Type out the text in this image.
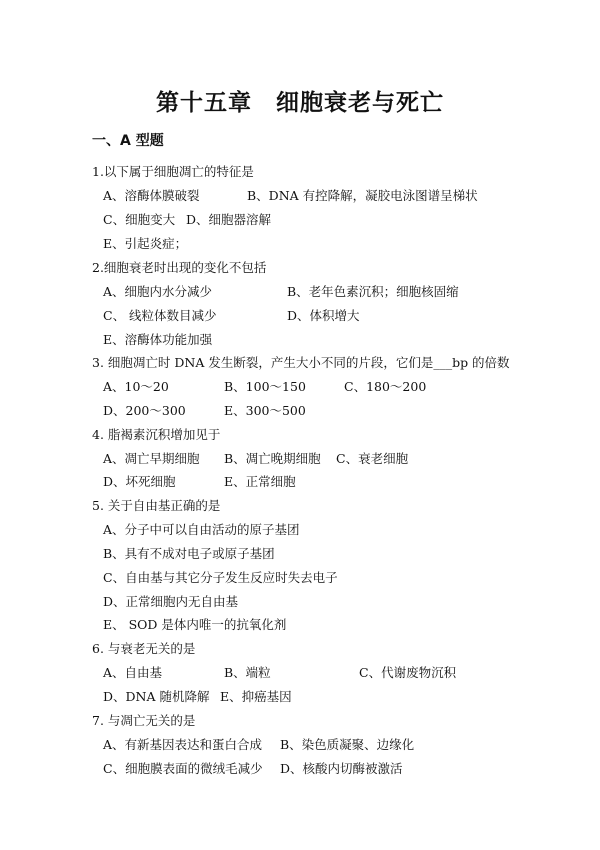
第十五章　细胞衰老与死亡
一、A 型题
1.以下属于细胞凋亡的特征是
A、溶酶体膜破裂	B、DNA 有控降解，凝胶电泳图谱呈梯状
C、细胞变大 D、细胞器溶解
E、引起炎症；
2.细胞衰老时出现的变化不包括
A、细胞内水分减少	B、老年色素沉积；细胞核固缩
C、 线粒体数目减少	D、体积增大
E、溶酶体功能加强
3. 细胞凋亡时 DNA 发生断裂，产生大小不同的片段，它们是___bp 的倍数
A、10～20	B、100～150	C、180～200
D、200～300	E、300～500
4. 脂褐素沉积增加见于
A、凋亡早期细胞 B、凋亡晚期细胞 C、衰老细胞
D、坏死细胞	E、正常细胞
5. 关于自由基正确的是
A、分子中可以自由活动的原子基团
B、具有不成对电子或原子基团
C、自由基与其它分子发生反应时失去电子
D、正常细胞内无自由基
E、 SOD 是体内唯一的抗氧化剂
6. 与衰老无关的是
A、自由基	B、端粒	C、代谢废物沉积
D、DNA 随机降解 E、抑癌基因
7. 与凋亡无关的是
A、有新基因表达和蛋白合成 B、染色质凝聚、边缘化
C、细胞膜表面的微绒毛减少 D、核酸内切酶被激活
